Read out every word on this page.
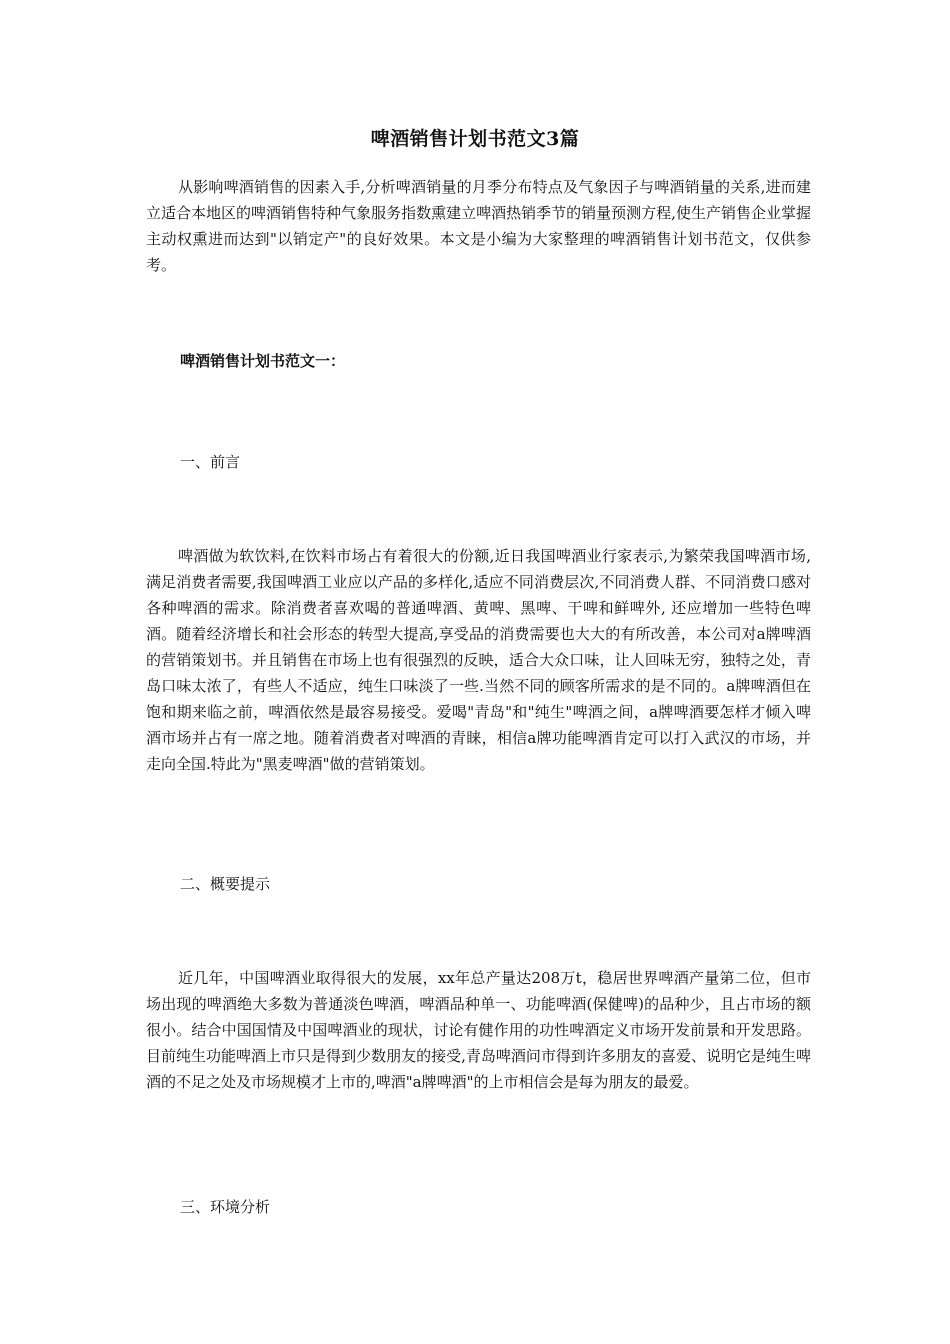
啤酒销售计划书范文3篇

从影响啤酒销售的因素入手,分析啤酒销量的月季分布特点及气象因子与啤酒销量的关系,进而建立适合本地区的啤酒销售特种气象服务指数熏建立啤酒热销季节的销量预测方程,使生产销售企业掌握主动权熏进而达到"以销定产"的良好效果。本文是小编为大家整理的啤酒销售计划书范文，仅供参考。

啤酒销售计划书范文一：

一、前言

啤酒做为软饮料,在饮料市场占有着很大的份额,近日我国啤酒业行家表示,为繁荣我国啤酒市场,满足消费者需要,我国啤酒工业应以产品的多样化,适应不同消费层次,不同消费人群、不同消费口感对各种啤酒的需求。除消费者喜欢喝的普通啤酒、黄啤、黑啤、干啤和鲜啤外, 还应增加一些特色啤酒。随着经济增长和社会形态的转型大提高,享受品的消费需要也大大的有所改善，本公司对a牌啤酒的营销策划书。并且销售在市场上也有很强烈的反映，适合大众口味，让人回味无穷，独特之处，青岛口味太浓了，有些人不适应，纯生口味淡了一些.当然不同的顾客所需求的是不同的。a牌啤酒但在饱和期来临之前，啤酒依然是最容易接受。爱喝"青岛"和"纯生"啤酒之间，a牌啤酒要怎样才倾入啤酒市场并占有一席之地。随着消费者对啤酒的青睐，相信a牌功能啤酒肯定可以打入武汉的市场，并走向全国.特此为"黑麦啤酒"做的营销策划。

二、概要提示

近几年，中国啤酒业取得很大的发展，xx年总产量达208万t，稳居世界啤酒产量第二位，但市场出现的啤酒绝大多数为普通淡色啤酒，啤酒品种单一、功能啤酒(保健啤)的品种少，且占市场的额很小。结合中国国情及中国啤酒业的现状，讨论有健作用的功性啤酒定义市场开发前景和开发思路。目前纯生功能啤酒上市只是得到少数朋友的接受,青岛啤酒问市得到许多朋友的喜爱、说明它是纯生啤酒的不足之处及市场规模才上市的,啤酒"a牌啤酒"的上市相信会是每为朋友的最爱。

三、环境分析
